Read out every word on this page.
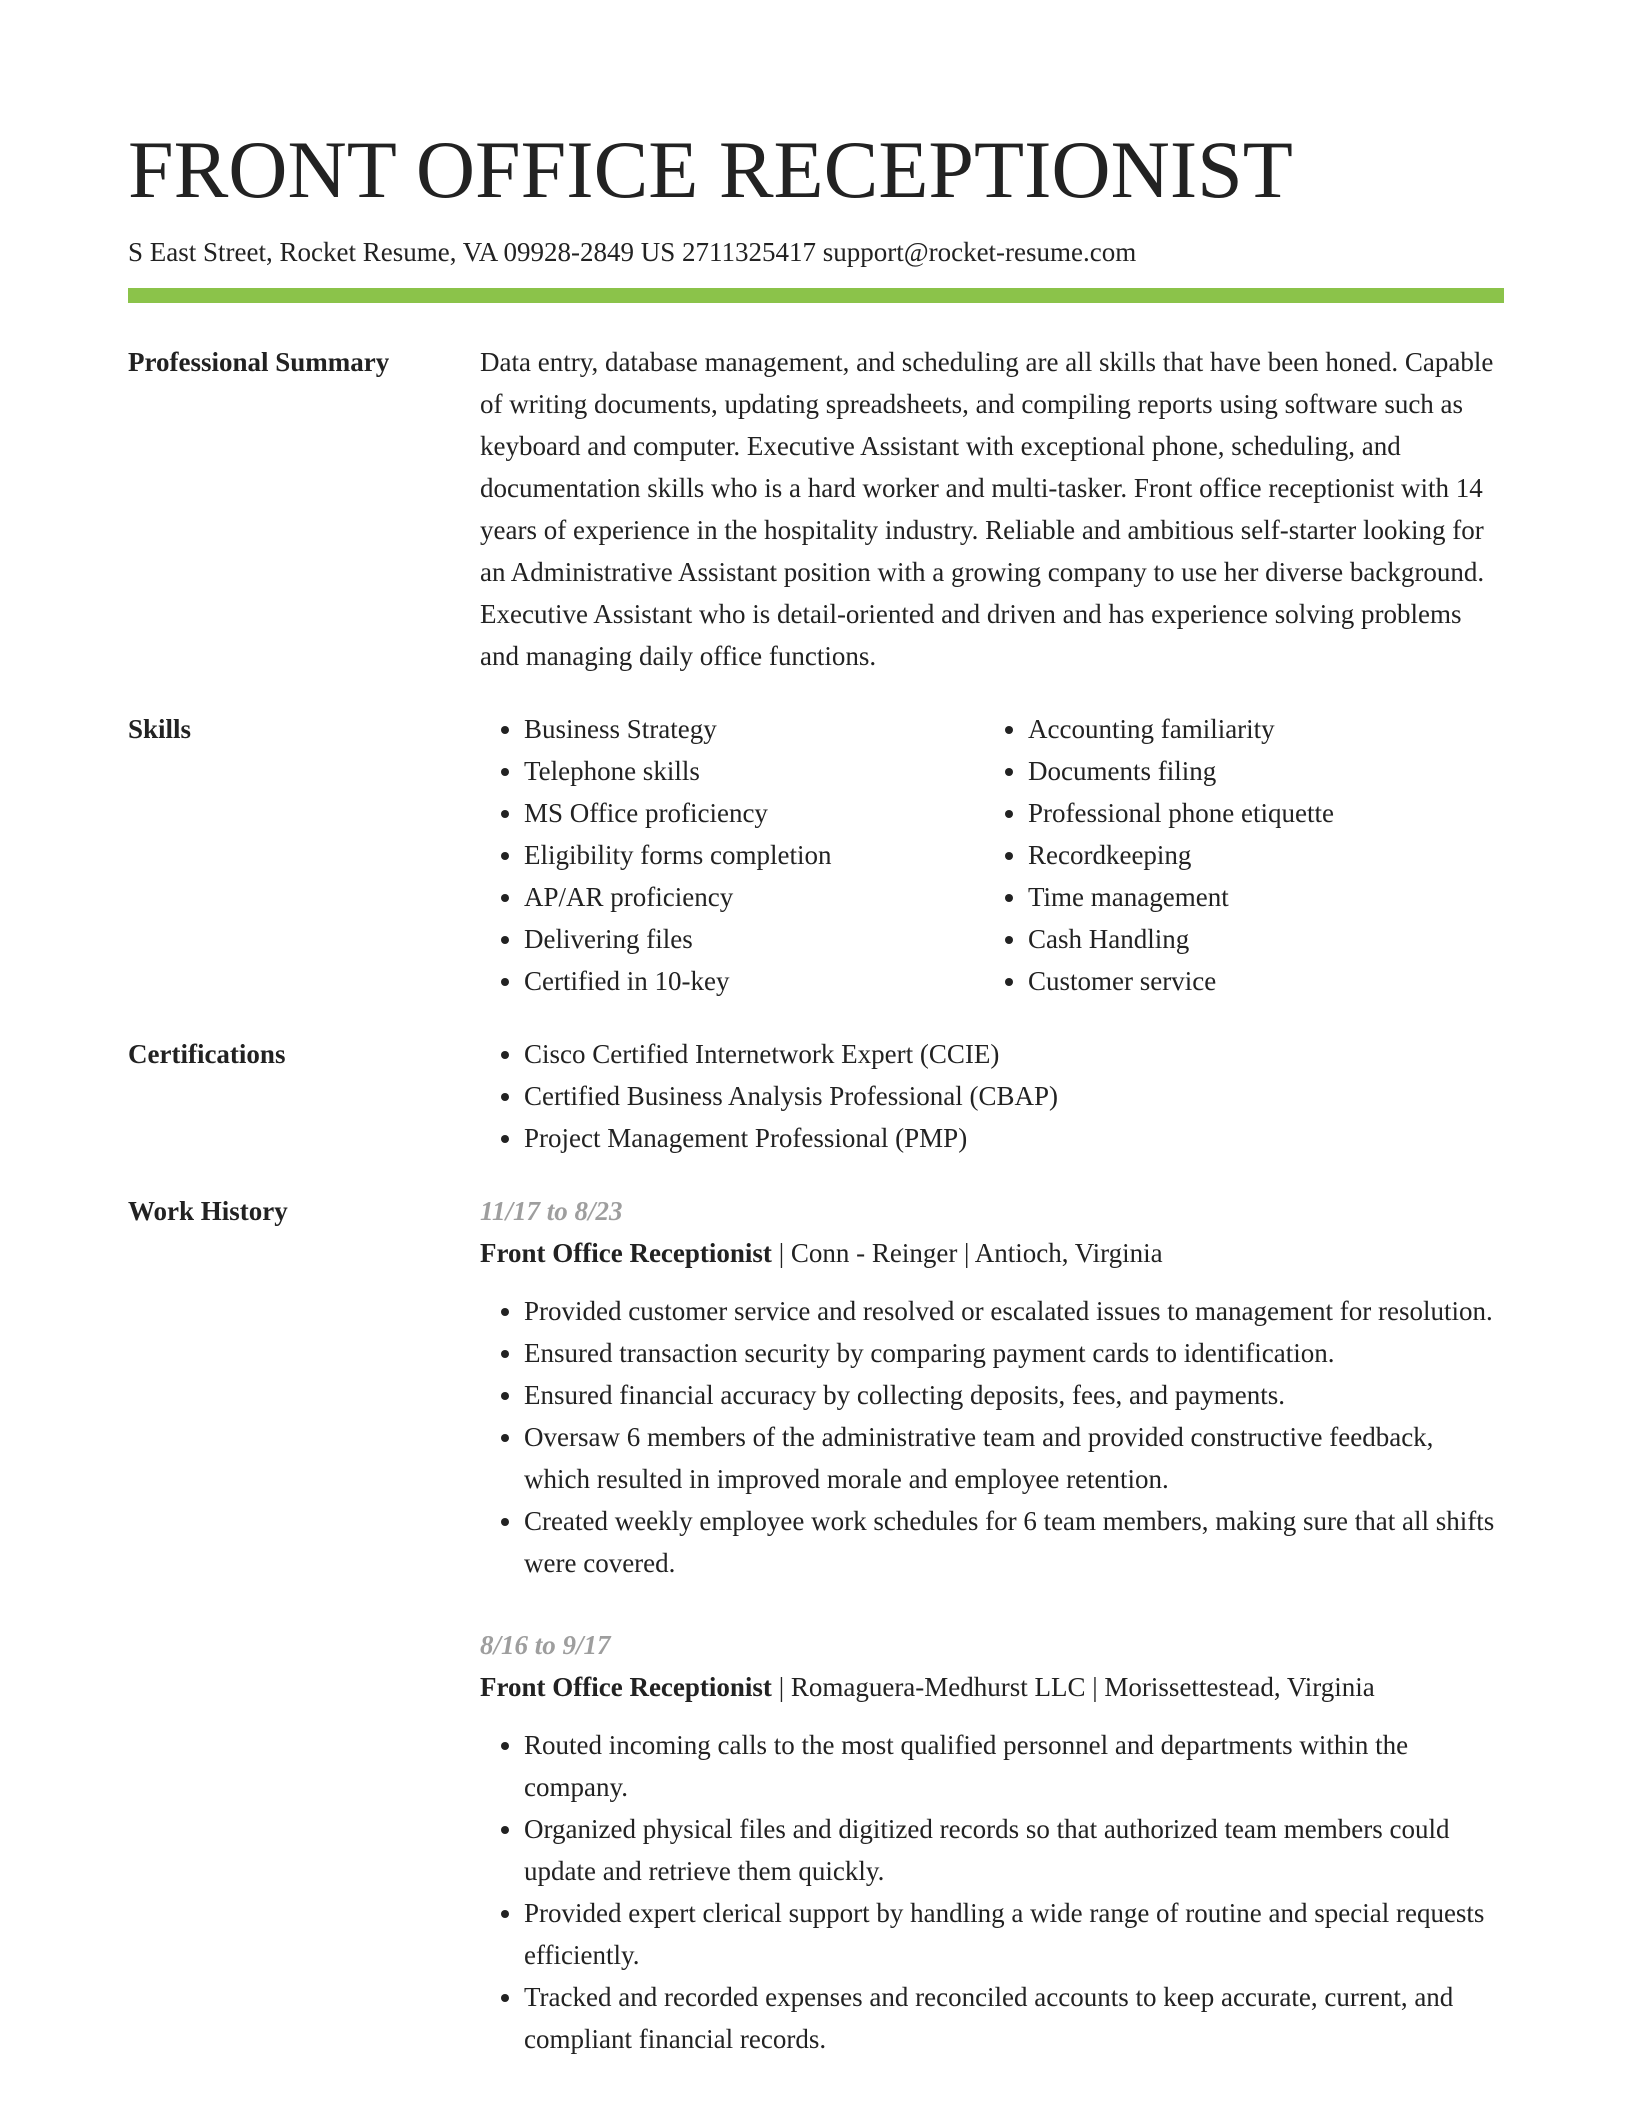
FRONT OFFICE RECEPTIONIST
S East Street, Rocket Resume, VA 09928-2849 US 2711325417 support@rocket-resume.com
Professional Summary	Data entry, database management, and scheduling are all skills that have been honed. Capable of writing documents, updating spreadsheets, and compiling reports using software such as keyboard and computer. Executive Assistant with exceptional phone, scheduling, and documentation skills who is a hard worker and multi-tasker. Front office receptionist with 14 years of experience in the hospitality industry. Reliable and ambitious self-starter looking for an Administrative Assistant position with a growing company to use her diverse background. Executive Assistant who is detail-oriented and driven and has experience solving problems and managing daily office functions.

Skills	• Business Strategy
• Telephone skills
• MS Office proficiency
• Eligibility forms completion
• AP/AR proficiency
• Delivering files
• Certified in 10-key
• Accounting familiarity
• Documents filing
• Professional phone etiquette
• Recordkeeping
• Time management
• Cash Handling
• Customer service
Certifications	• Cisco Certified Internetwork Expert (CCIE)
• Certified Business Analysis Professional (CBAP)
• Project Management Professional (PMP)
Work History	11/17 to 8/23
Front Office Receptionist | Conn - Reinger | Antioch, Virginia
• Provided customer service and resolved or escalated issues to management for resolution.
• Ensured transaction security by comparing payment cards to identification.
• Ensured financial accuracy by collecting deposits, fees, and payments.
• Oversaw 6 members of the administrative team and provided constructive feedback, which resulted in improved morale and employee retention.
• Created weekly employee work schedules for 6 team members, making sure that all shifts were covered.
8/16 to 9/17
Front Office Receptionist | Romaguera-Medhurst LLC | Morissettestead, Virginia
• Routed incoming calls to the most qualified personnel and departments within the company.
• Organized physical files and digitized records so that authorized team members could update and retrieve them quickly.
• Provided expert clerical support by handling a wide range of routine and special requests efficiently.
• Tracked and recorded expenses and reconciled accounts to keep accurate, current, and compliant financial records.
